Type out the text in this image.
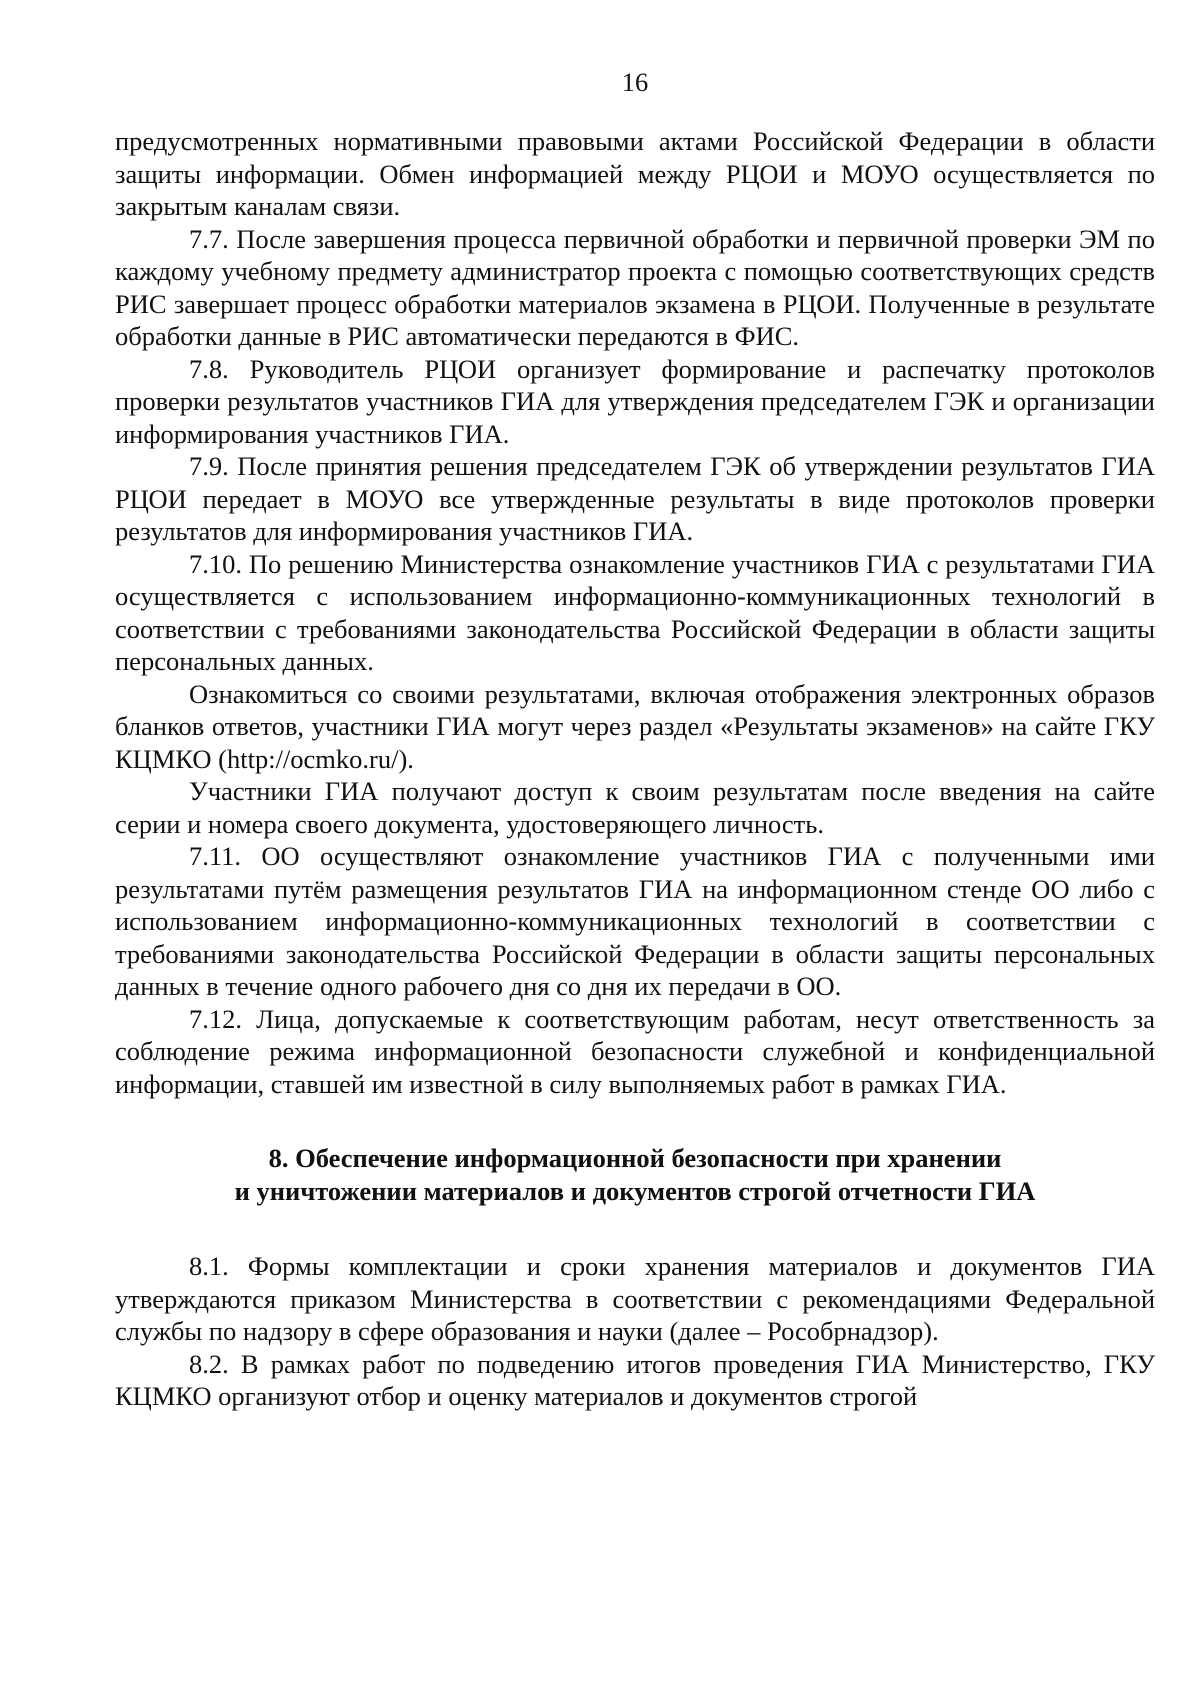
16

предусмотренных нормативными правовыми актами Российской Федерации в области защиты информации. Обмен информацией между РЦОИ и МОУО осуществляется по закрытым каналам связи.

7.7. После завершения процесса первичной обработки и первичной проверки ЭМ по каждому учебному предмету администратор проекта с помощью соответствующих средств РИС завершает процесс обработки материалов экзамена в РЦОИ. Полученные в результате обработки данные в РИС автоматически передаются в ФИС.

7.8. Руководитель РЦОИ организует формирование и распечатку протоколов проверки результатов участников ГИА для утверждения председателем ГЭК и организации информирования участников ГИА.

7.9. После принятия решения председателем ГЭК об утверждении результатов ГИА РЦОИ передает в МОУО все утвержденные результаты в виде протоколов проверки результатов для информирования участников ГИА.

7.10. По решению Министерства ознакомление участников ГИА с результатами ГИА осуществляется с использованием информационно-коммуникационных технологий в соответствии с требованиями законодательства Российской Федерации в области защиты персональных данных.

Ознакомиться со своими результатами, включая отображения электронных образов бланков ответов, участники ГИА могут через раздел «Результаты экзаменов» на сайте ГКУ КЦМКО (http://ocmko.ru/).

Участники ГИА получают доступ к своим результатам после введения на сайте серии и номера своего документа, удостоверяющего личность.

7.11. ОО осуществляют ознакомление участников ГИА с полученными ими результатами путём размещения результатов ГИА на информационном стенде ОО либо с использованием информационно-коммуникационных технологий в соответствии с требованиями законодательства Российской Федерации в области защиты персональных данных в течение одного рабочего дня со дня их передачи в ОО.

7.12. Лица, допускаемые к соответствующим работам, несут ответственность за соблюдение режима информационной безопасности служебной и конфиденциальной информации, ставшей им известной в силу выполняемых работ в рамках ГИА.

8. Обеспечение информационной безопасности при хранении
и уничтожении материалов и документов строгой отчетности ГИА

8.1. Формы комплектации и сроки хранения материалов и документов ГИА утверждаются приказом Министерства в соответствии с рекомендациями Федеральной службы по надзору в сфере образования и науки (далее – Рособрнадзор).

8.2. В рамках работ по подведению итогов проведения ГИА Министерство, ГКУ КЦМКО организуют отбор и оценку материалов и документов строгой
